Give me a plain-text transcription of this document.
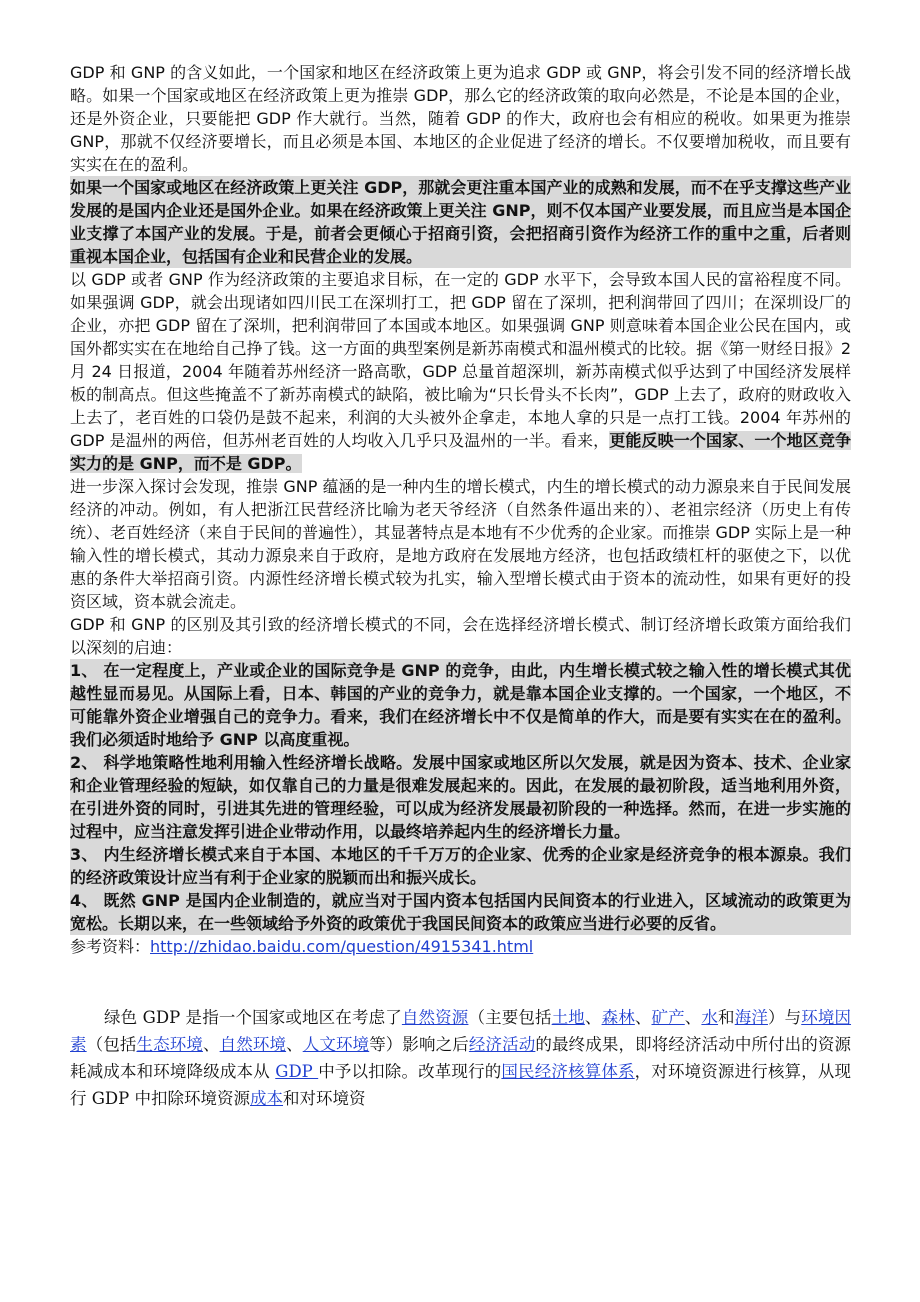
GDP 和 GNP 的含义如此，一个国家和地区在经济政策上更为追求 GDP 或 GNP，将会引发不同的经济增长战略。如果一个国家或地区在经济政策上更为推崇 GDP，那么它的经济政策的取向必然是，不论是本国的企业，还是外资企业，只要能把 GDP 作大就行。当然，随着 GDP 的作大，政府也会有相应的税收。如果更为推崇 GNP，那就不仅经济要增长，而且必须是本国、本地区的企业促进了经济的增长。不仅要增加税收，而且要有实实在在的盈利。

如果一个国家或地区在经济政策上更关注 GDP，那就会更注重本国产业的成熟和发展，而不在乎支撑这些产业发展的是国内企业还是国外企业。如果在经济政策上更关注 GNP，则不仅本国产业要发展，而且应当是本国企业支撑了本国产业的发展。于是，前者会更倾心于招商引资，会把招商引资作为经济工作的重中之重，后者则重视本国企业，包括国有企业和民营企业的发展。

以 GDP 或者 GNP 作为经济政策的主要追求目标，在一定的 GDP 水平下，会导致本国人民的富裕程度不同。如果强调 GDP，就会出现诸如四川民工在深圳打工，把 GDP 留在了深圳，把利润带回了四川；在深圳设厂的企业，亦把 GDP 留在了深圳，把利润带回了本国或本地区。如果强调 GNP 则意味着本国企业公民在国内，或国外都实实在在地给自己挣了钱。这一方面的典型案例是新苏南模式和温州模式的比较。据《第一财经日报》2 月 24 日报道，2004 年随着苏州经济一路高歌，GDP 总量首超深圳，新苏南模式似乎达到了中国经济发展样板的制高点。但这些掩盖不了新苏南模式的缺陷，被比喻为“只长骨头不长肉”，GDP 上去了，政府的财政收入上去了，老百姓的口袋仍是鼓不起来，利润的大头被外企拿走，本地人拿的只是一点打工钱。2004 年苏州的 GDP 是温州的两倍，但苏州老百姓的人均收入几乎只及温州的一半。看来，更能反映一个国家、一个地区竞争实力的是 GNP，而不是 GDP。

进一步深入探讨会发现，推崇 GNP 蕴涵的是一种内生的增长模式，内生的增长模式的动力源泉来自于民间发展经济的冲动。例如，有人把浙江民营经济比喻为老天爷经济（自然条件逼出来的）、老祖宗经济（历史上有传统）、老百姓经济（来自于民间的普遍性），其显著特点是本地有不少优秀的企业家。而推崇 GDP 实际上是一种输入性的增长模式，其动力源泉来自于政府，是地方政府在发展地方经济，也包括政绩杠杆的驱使之下，以优惠的条件大举招商引资。内源性经济增长模式较为扎实，输入型增长模式由于资本的流动性，如果有更好的投资区域，资本就会流走。

GDP 和 GNP 的区别及其引致的经济增长模式的不同，会在选择经济增长模式、制订经济增长政策方面给我们以深刻的启迪：

1、 在一定程度上，产业或企业的国际竞争是 GNP 的竞争，由此，内生增长模式较之输入性的增长模式其优越性显而易见。从国际上看，日本、韩国的产业的竞争力，就是靠本国企业支撑的。一个国家，一个地区，不可能靠外资企业增强自己的竞争力。看来，我们在经济增长中不仅是简单的作大，而是要有实实在在的盈利。我们必须适时地给予 GNP 以高度重视。

2、 科学地策略性地利用输入性经济增长战略。发展中国家或地区所以欠发展，就是因为资本、技术、企业家和企业管理经验的短缺，如仅靠自己的力量是很难发展起来的。因此，在发展的最初阶段，适当地利用外资，在引进外资的同时，引进其先进的管理经验，可以成为经济发展最初阶段的一种选择。然而，在进一步实施的过程中，应当注意发挥引进企业带动作用，以最终培养起内生的经济增长力量。

3、 内生经济增长模式来自于本国、本地区的千千万万的企业家、优秀的企业家是经济竞争的根本源泉。我们的经济政策设计应当有利于企业家的脱颖而出和振兴成长。

4、 既然 GNP 是国内企业制造的，就应当对于国内资本包括国内民间资本的行业进入，区域流动的政策更为宽松。长期以来，在一些领域给予外资的政策优于我国民间资本的政策应当进行必要的反省。

参考资料：http://zhidao.baidu.com/question/4915341.html

绿色 GDP 是指一个国家或地区在考虑了自然资源（主要包括土地、森林、矿产、水和海洋）与环境因素（包括生态环境、自然环境、人文环境等）影响之后经济活动的最终成果，即将经济活动中所付出的资源耗减成本和环境降级成本从 GDP 中予以扣除。改革现行的国民经济核算体系，对环境资源进行核算，从现行 GDP 中扣除环境资源成本和对环境资
